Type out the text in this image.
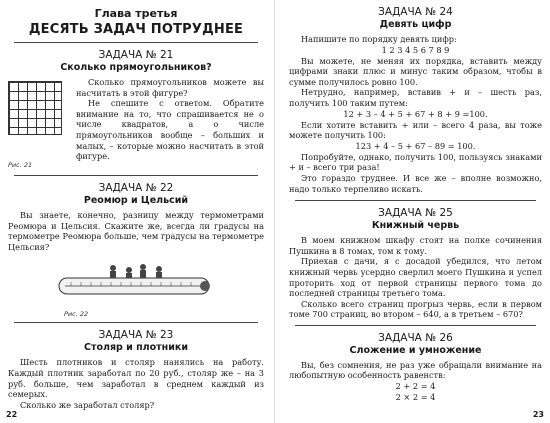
Глава третья
ДЕСЯТЬ ЗАДАЧ ПОТРУДНЕЕ
ЗАДАЧА № 21
Сколько прямоугольников?
Рис. 21

Сколько прямоугольников можете вы насчитать в этой фигуре?

Не спешите с ответом. Обратите внимание на то, что спрашивается не о числе квадратов, а о числе прямоугольников вообще – больших и малых, – которые можно насчитать в этой фигуре.

ЗАДАЧА № 22
Реомюр и Цельсий

Вы знаете, конечно, разницу между термометрами Реомюра и Цельсия. Скажите же, всегда ли градусы на термометре Реомюра больше, чем градусы на термометре Цельсия?

Рис. 22
ЗАДАЧА № 23
Столяр и плотники

Шесть плотников и столяр нанялись на работу. Каждый плотник заработал по 20 руб., столяр же – на 3 руб. больше, чем заработал в среднем каждый из семерых.

Сколько же заработал столяр?

22
ЗАДАЧА № 24
Девять цифр

Напишите по порядку девять цифр:

1 2 3 4 5 6 7 8 9

Вы можете, не меняя их порядка, вставить между цифрами знаки плюс и минус таким образом, чтобы в сумме получилось ровно 100.

Нетрудно, например, вставив + и – шесть раз, получить 100 таким путем:

12 + 3 – 4 + 5 + 67 + 8 + 9 =100.

Если хотите вставить + или – всего 4 раза, вы тоже можете получить 100:

123 + 4 – 5 + 67 – 89 = 100.

Попробуйте, однако, получить 100, пользуясь знаками + и – всего три раза!

Это гораздо труднее. И все же – вполне возможно, надо только терпеливо искать.

ЗАДАЧА № 25
Книжный червь

В моем книжном шкафу стоят на полке сочинения Пушкина в 8 томах, том к тому.

Приехав с дачи, я с досадой убедился, что летом книжный червь усердно сверлил моего Пушкина и успел проторить ход от первой страницы первого тома до последней страницы третьего тома.

Сколько всего страниц прогрыз червь, если в первом томе 700 страниц, во втором – 640, а в третьем – 670?

ЗАДАЧА № 26
Сложение и умножение

Вы, без сомнения, не раз уже обращали внимание на любопытную особенность равенств:

2 + 2 = 4
2 × 2 = 4
23
